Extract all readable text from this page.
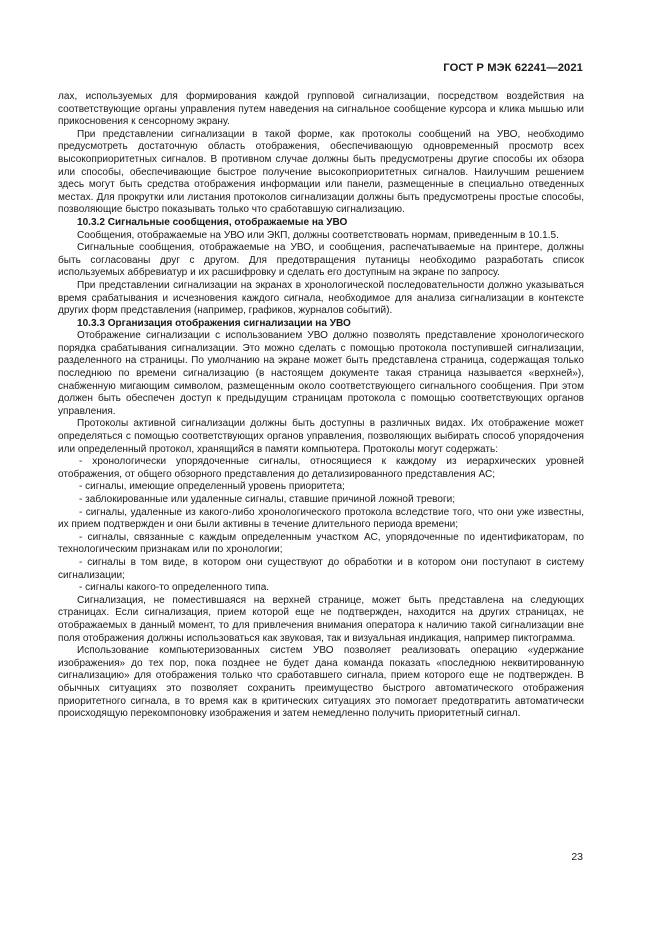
ГОСТ Р МЭК 62241—2021

лах, используемых для формирования каждой групповой сигнализации, посредством воздействия на соответствующие органы управления путем наведения на сигнальное сообщение курсора и клика мышью или прикосновения к сенсорному экрану.

При представлении сигнализации в такой форме, как протоколы сообщений на УВО, необходимо предусмотреть достаточную область отображения, обеспечивающую одновременный просмотр всех высокоприоритетных сигналов. В противном случае должны быть предусмотрены другие способы их обзора или способы, обеспечивающие быстрое получение высокоприоритетных сигналов. Наилучшим решением здесь могут быть средства отображения информации или панели, размещенные в специально отведенных местах. Для прокрутки или листания протоколов сигнализации должны быть предусмотрены простые способы, позволяющие быстро показывать только что сработавшую сигнализацию.

10.3.2 Сигнальные сообщения, отображаемые на УВО

Сообщения, отображаемые на УВО или ЭКП, должны соответствовать нормам, приведенным в 10.1.5.

Сигнальные сообщения, отображаемые на УВО, и сообщения, распечатываемые на принтере, должны быть согласованы друг с другом. Для предотвращения путаницы необходимо разработать список используемых аббревиатур и их расшифровку и сделать его доступным на экране по запросу.

При представлении сигнализации на экранах в хронологической последовательности должно указываться время срабатывания и исчезновения каждого сигнала, необходимое для анализа сигнализации в контексте других форм представления (например, графиков, журналов событий).

10.3.3 Организация отображения сигнализации на УВО

Отображение сигнализации с использованием УВО должно позволять представление хронологического порядка срабатывания сигнализации. Это можно сделать с помощью протокола поступившей сигнализации, разделенного на страницы. По умолчанию на экране может быть представлена страница, содержащая только последнюю по времени сигнализацию (в настоящем документе такая страница называется «верхней»), снабженную мигающим символом, размещенным около соответствующего сигнального сообщения. При этом должен быть обеспечен доступ к предыдущим страницам протокола с помощью соответствующих органов управления.

Протоколы активной сигнализации должны быть доступны в различных видах. Их отображение может определяться с помощью соответствующих органов управления, позволяющих выбирать способ упорядочения или определенный протокол, хранящийся в памяти компьютера. Протоколы могут содержать:

- хронологически упорядоченные сигналы, относящиеся к каждому из иерархических уровней отображения, от общего обзорного представления до детализированного представления АС;

- сигналы, имеющие определенный уровень приоритета;

- заблокированные или удаленные сигналы, ставшие причиной ложной тревоги;

- сигналы, удаленные из какого-либо хронологического протокола вследствие того, что они уже известны, их прием подтвержден и они были активны в течение длительного периода времени;

- сигналы, связанные с каждым определенным участком АС, упорядоченные по идентификаторам, по технологическим признакам или по хронологии;

- сигналы в том виде, в котором они существуют до обработки и в котором они поступают в систему сигнализации;

- сигналы какого-то определенного типа.

Сигнализация, не поместившаяся на верхней странице, может быть представлена на следующих страницах. Если сигнализация, прием которой еще не подтвержден, находится на других страницах, не отображаемых в данный момент, то для привлечения внимания оператора к наличию такой сигнализации вне поля отображения должны использоваться как звуковая, так и визуальная индикация, например пиктограмма.

Использование компьютеризованных систем УВО позволяет реализовать операцию «удержание изображения» до тех пор, пока позднее не будет дана команда показать «последнюю неквитированную сигнализацию» для отображения только что сработавшего сигнала, прием которого еще не подтвержден. В обычных ситуациях это позволяет сохранить преимущество быстрого автоматического отображения приоритетного сигнала, в то время как в критических ситуациях это помогает предотвратить автоматически происходящую перекомпоновку изображения и затем немедленно получить приоритетный сигнал.

23
